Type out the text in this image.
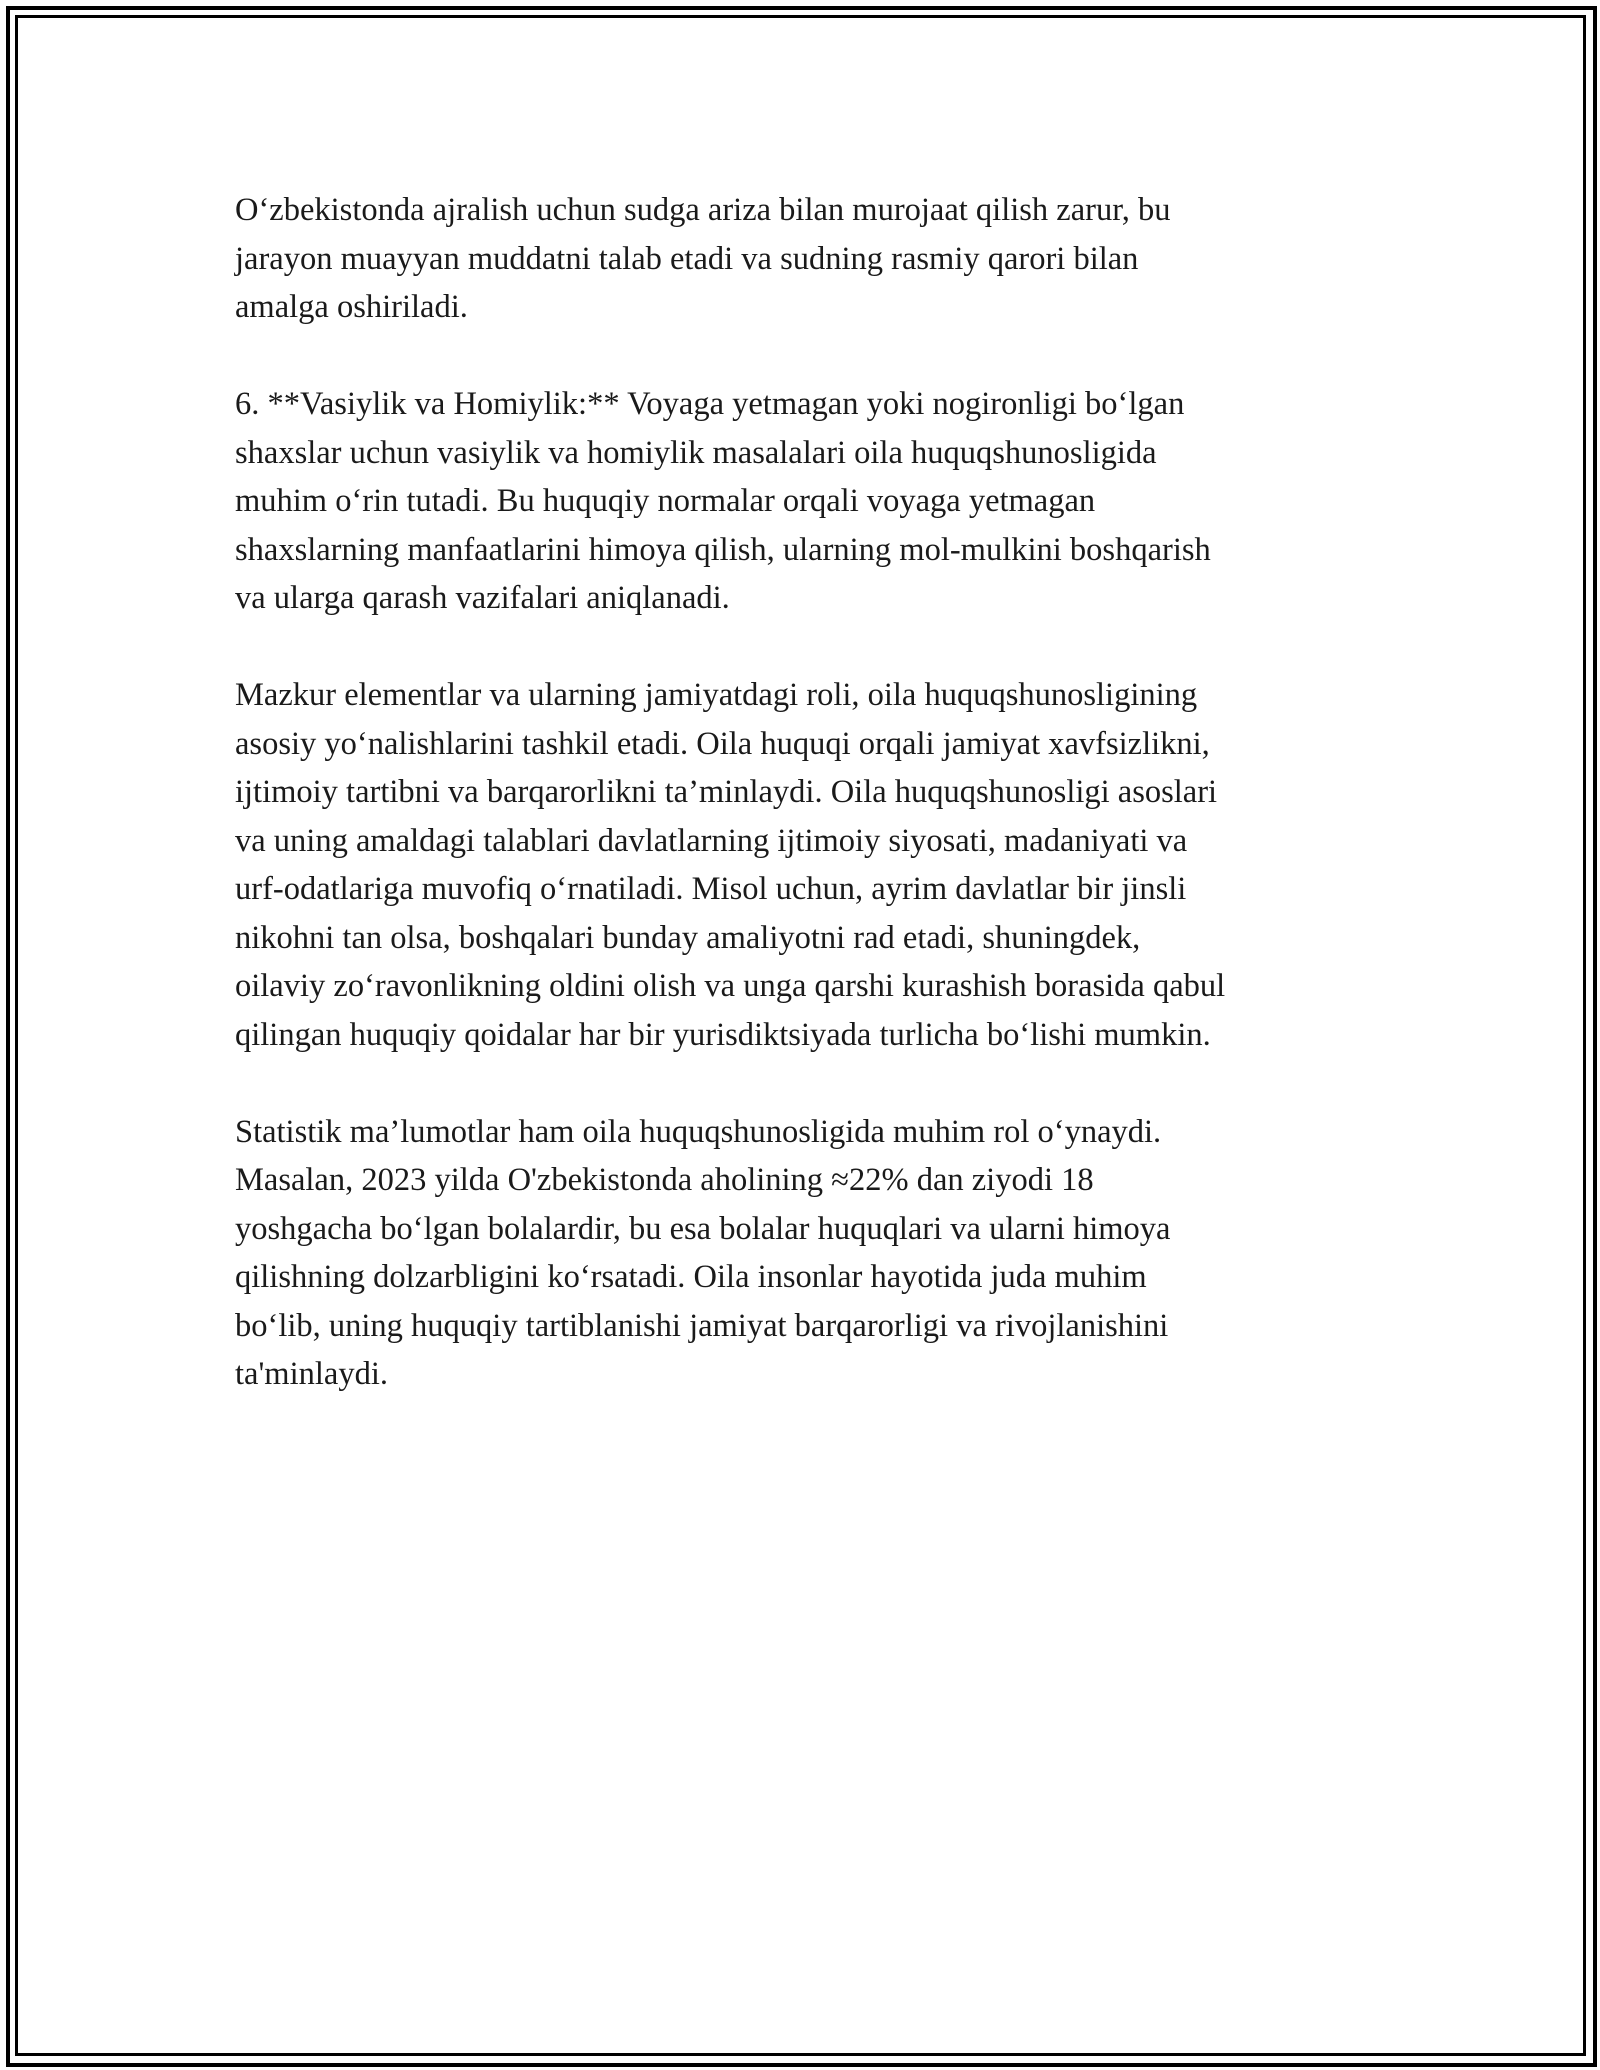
O‘zbekistonda ajralish uchun sudga ariza bilan murojaat qilish zarur, bu
jarayon muayyan muddatni talab etadi va sudning rasmiy qarori bilan
amalga oshiriladi.

6. **Vasiylik va Homiylik:** Voyaga yetmagan yoki nogironligi bo‘lgan
shaxslar uchun vasiylik va homiylik masalalari oila huquqshunosligida
muhim o‘rin tutadi. Bu huquqiy normalar orqali voyaga yetmagan
shaxslarning manfaatlarini himoya qilish, ularning mol-mulkini boshqarish
va ularga qarash vazifalari aniqlanadi.

Mazkur elementlar va ularning jamiyatdagi roli, oila huquqshunosligining
asosiy yo‘nalishlarini tashkil etadi. Oila huquqi orqali jamiyat xavfsizlikni,
ijtimoiy tartibni va barqarorlikni ta’minlaydi. Oila huquqshunosligi asoslari
va uning amaldagi talablari davlatlarning ijtimoiy siyosati, madaniyati va
urf-odatlariga muvofiq o‘rnatiladi. Misol uchun, ayrim davlatlar bir jinsli
nikohni tan olsa, boshqalari bunday amaliyotni rad etadi, shuningdek,
oilaviy zo‘ravonlikning oldini olish va unga qarshi kurashish borasida qabul
qilingan huquqiy qoidalar har bir yurisdiktsiyada turlicha bo‘lishi mumkin.

Statistik ma’lumotlar ham oila huquqshunosligida muhim rol o‘ynaydi.
Masalan, 2023 yilda O'zbekistonda aholining ≈22% dan ziyodi 18
yoshgacha bo‘lgan bolalardir, bu esa bolalar huquqlari va ularni himoya
qilishning dolzarbligini ko‘rsatadi. Oila insonlar hayotida juda muhim
bo‘lib, uning huquqiy tartiblanishi jamiyat barqarorligi va rivojlanishini
ta'minlaydi.
